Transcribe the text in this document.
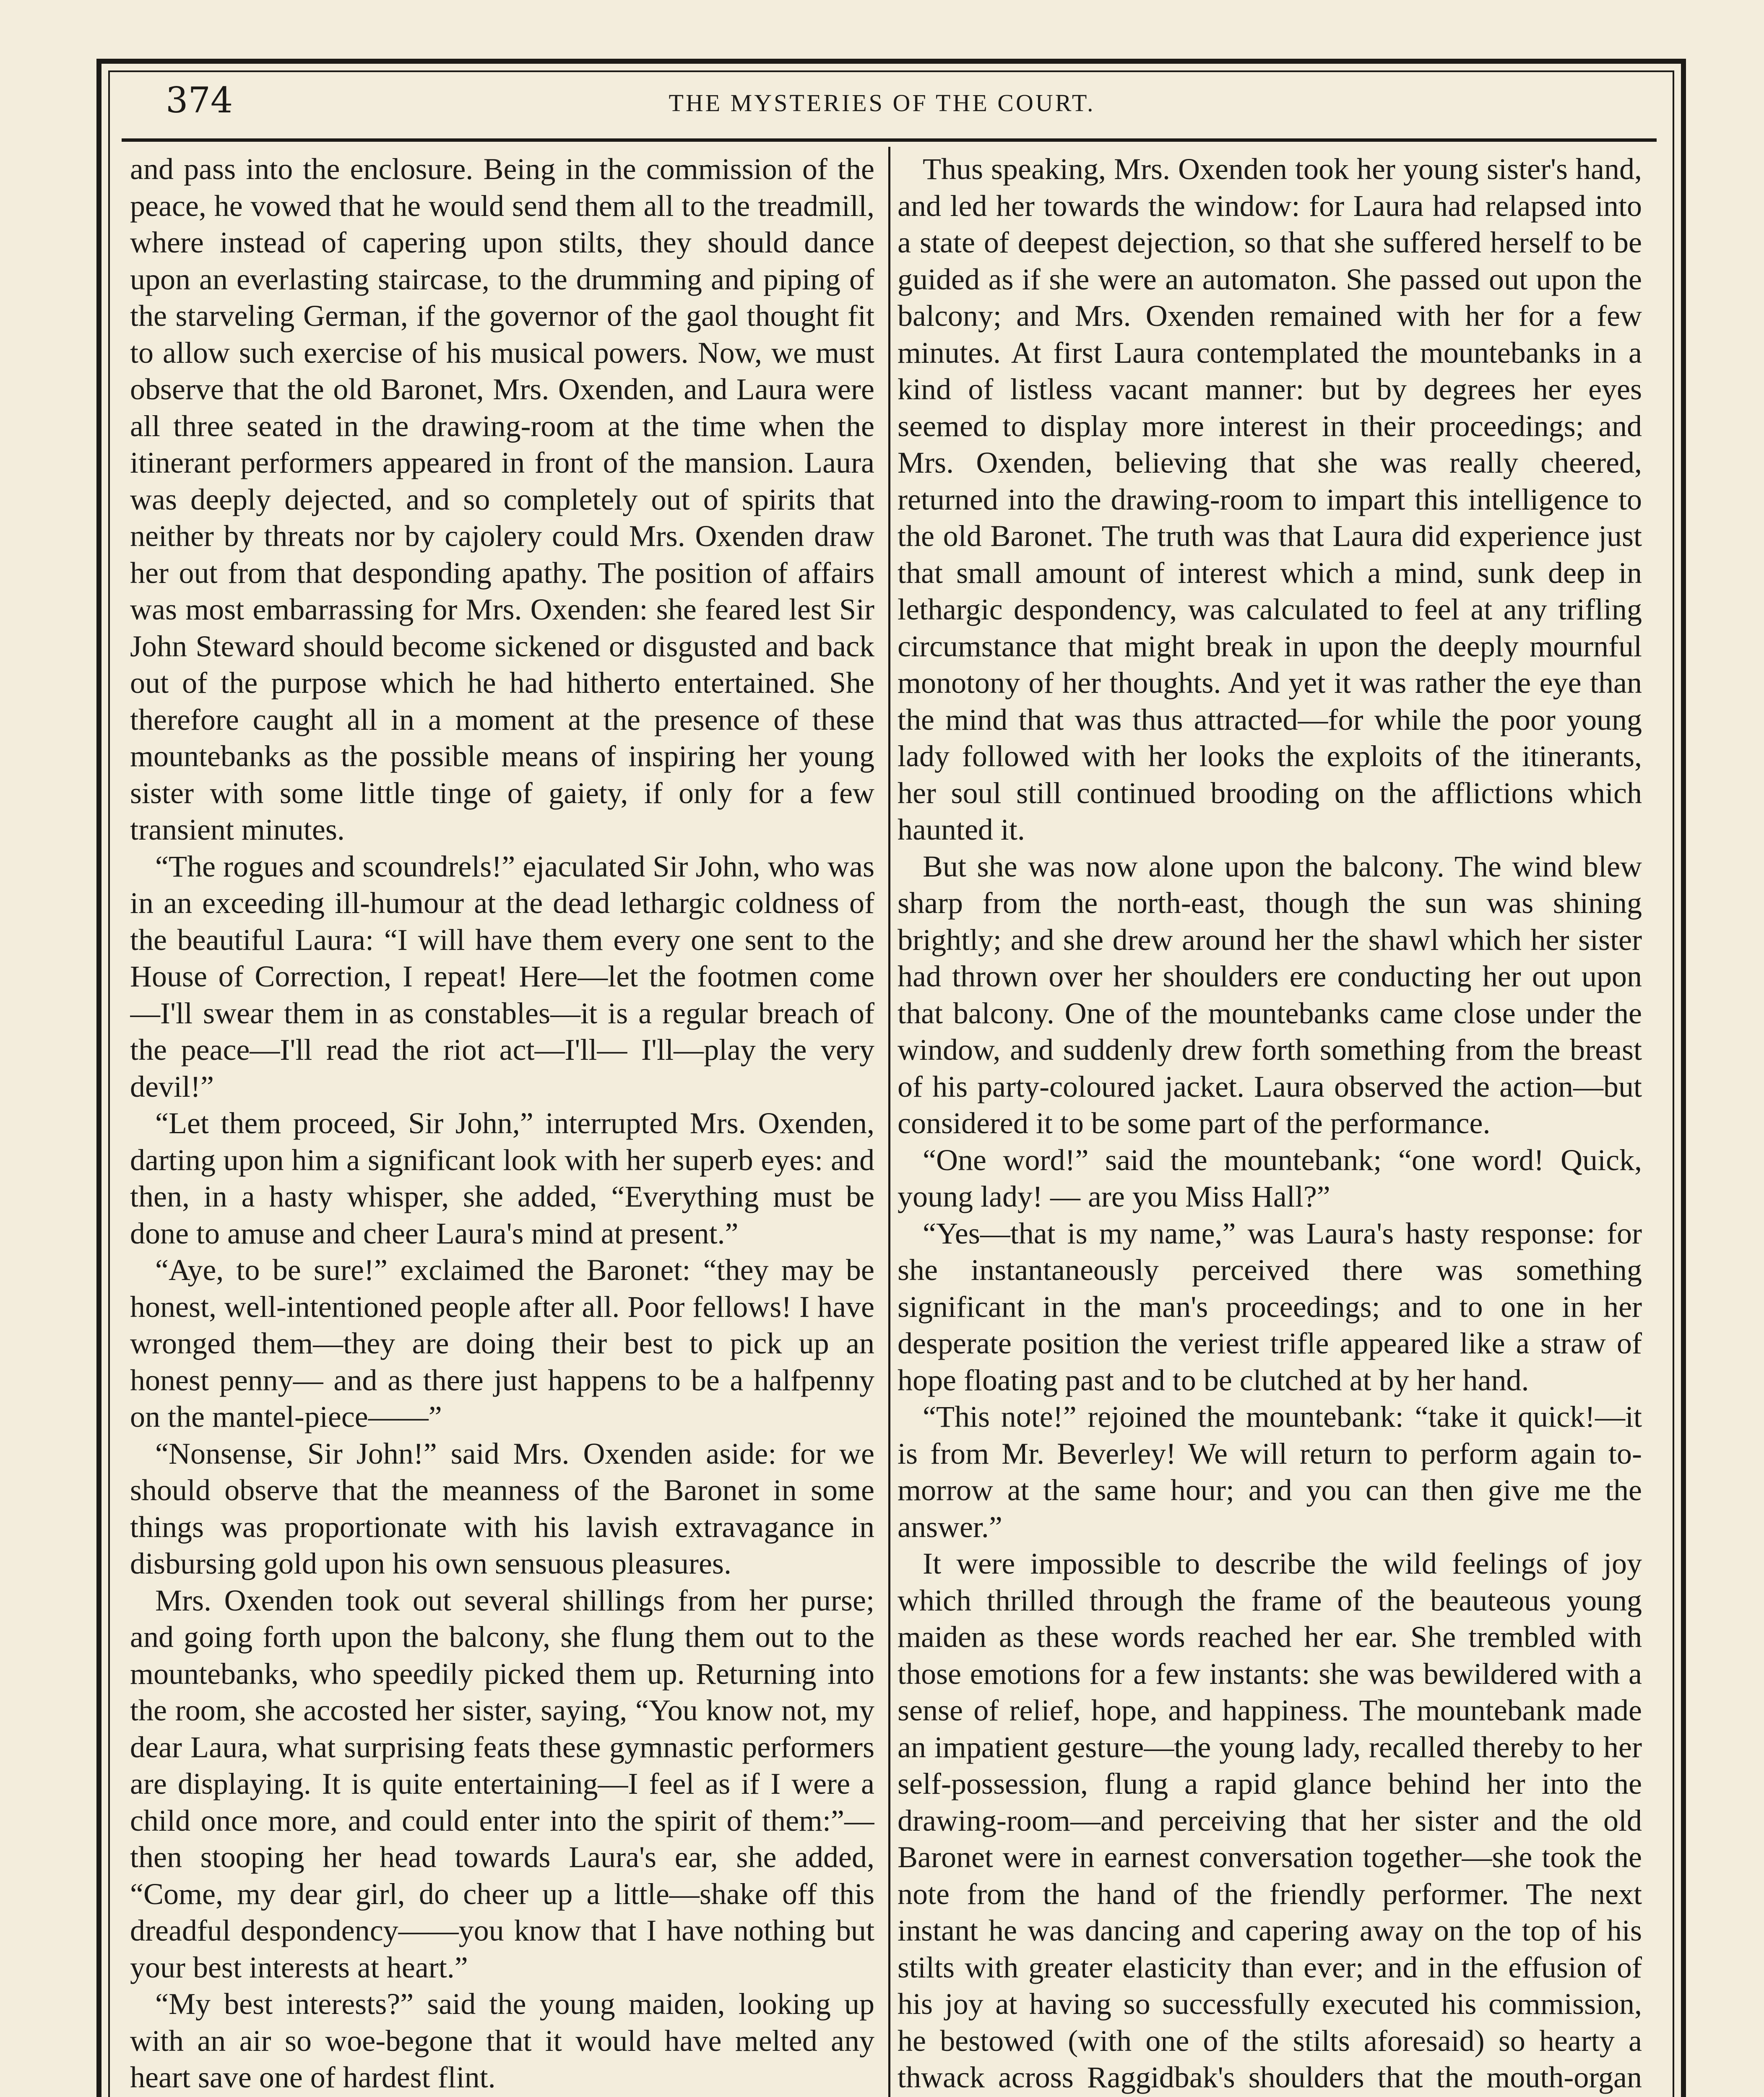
374	THE MYSTERIES OF THE COURT.

and pass into the enclosure. Being in the commission of the peace, he vowed that he would send them all to the treadmill, where instead of capering upon stilts, they should dance upon an everlasting staircase, to the drumming and piping of the starveling German, if the governor of the gaol thought fit to allow such exercise of his musical powers. Now, we must observe that the old Baronet, Mrs. Oxenden, and Laura were all three seated in the drawing-room at the time when the itinerant performers appeared in front of the mansion. Laura was deeply dejected, and so completely out of spirits that neither by threats nor by cajolery could Mrs. Oxenden draw her out from that desponding apathy. The position of affairs was most embarrassing for Mrs. Oxenden: she feared lest Sir John Steward should become sickened or disgusted and back out of the purpose which he had hitherto entertained. She therefore caught all in a moment at the presence of these mountebanks as the possible means of inspiring her young sister with some little tinge of gaiety, if only for a few transient minutes.

“The rogues and scoundrels!” ejaculated Sir John, who was in an exceeding ill-humour at the dead lethargic coldness of the beautiful Laura: “I will have them every one sent to the House of Correction, I repeat! Here—let the footmen come —I'll swear them in as constables—it is a regular breach of the peace—I'll read the riot act—I'll— I'll—play the very devil!”

“Let them proceed, Sir John,” interrupted Mrs. Oxenden, darting upon him a significant look with her superb eyes: and then, in a hasty whisper, she added, “Everything must be done to amuse and cheer Laura's mind at present.”

“Aye, to be sure!” exclaimed the Baronet: “they may be honest, well-intentioned people after all. Poor fellows! I have wronged them—they are doing their best to pick up an honest penny— and as there just happens to be a halfpenny on the mantel-piece——”

“Nonsense, Sir John!” said Mrs. Oxenden aside: for we should observe that the meanness of the Baronet in some things was proportionate with his lavish extravagance in disbursing gold upon his own sensuous pleasures.

Mrs. Oxenden took out several shillings from her purse; and going forth upon the balcony, she flung them out to the mountebanks, who speedily picked them up. Returning into the room, she accosted her sister, saying, “You know not, my dear Laura, what surprising feats these gymnastic performers are displaying. It is quite entertaining—I feel as if I were a child once more, and could enter into the spirit of them:”—then stooping her head towards Laura's ear, she added, “Come, my dear girl, do cheer up a little—shake off this dreadful despondency——you know that I have nothing but your best interests at heart.”

“My best interests?” said the young maiden, looking up with an air so woe-begone that it would have melted any heart save one of hardest flint.

Thus speaking, Mrs. Oxenden took her young sister's hand, and led her towards the window: for Laura had relapsed into a state of deepest dejection, so that she suffered herself to be guided as if she were an automaton. She passed out upon the balcony; and Mrs. Oxenden remained with her for a few minutes. At first Laura contemplated the mountebanks in a kind of listless vacant manner: but by degrees her eyes seemed to display more interest in their proceedings; and Mrs. Oxenden, believing that she was really cheered, returned into the drawing-room to impart this intelligence to the old Baronet. The truth was that Laura did experience just that small amount of interest which a mind, sunk deep in lethargic despondency, was calculated to feel at any trifling circumstance that might break in upon the deeply mournful monotony of her thoughts. And yet it was rather the eye than the mind that was thus attracted—for while the poor young lady followed with her looks the exploits of the itinerants, her soul still continued brooding on the afflictions which haunted it.

But she was now alone upon the balcony. The wind blew sharp from the north-east, though the sun was shining brightly; and she drew around her the shawl which her sister had thrown over her shoulders ere conducting her out upon that balcony. One of the mountebanks came close under the window, and suddenly drew forth something from the breast of his party-coloured jacket. Laura observed the action—but considered it to be some part of the performance.

“One word!” said the mountebank; “one word! Quick, young lady! — are you Miss Hall?”

“Yes—that is my name,” was Laura's hasty response: for she instantaneously perceived there was something significant in the man's proceedings; and to one in her desperate position the veriest trifle appeared like a straw of hope floating past and to be clutched at by her hand.

“This note!” rejoined the mountebank: “take it quick!—it is from Mr. Beverley! We will return to perform again to-morrow at the same hour; and you can then give me the answer.”

It were impossible to describe the wild feelings of joy which thrilled through the frame of the beauteous young maiden as these words reached her ear. She trembled with those emotions for a few instants: she was bewildered with a sense of relief, hope, and happiness. The mountebank made an impatient gesture—the young lady, recalled thereby to her self-possession, flung a rapid glance behind her into the drawing-room—and perceiving that her sister and the old Baronet were in earnest conversation together—she took the note from the hand of the friendly performer. The next instant he was dancing and capering away on the top of his stilts with greater elasticity than ever; and in the effusion of his joy at having so successfully executed his commission, he bestowed (with one of the stilts aforesaid) so hearty a thwack across Raggidbak's shoulders that the mouth-organ
